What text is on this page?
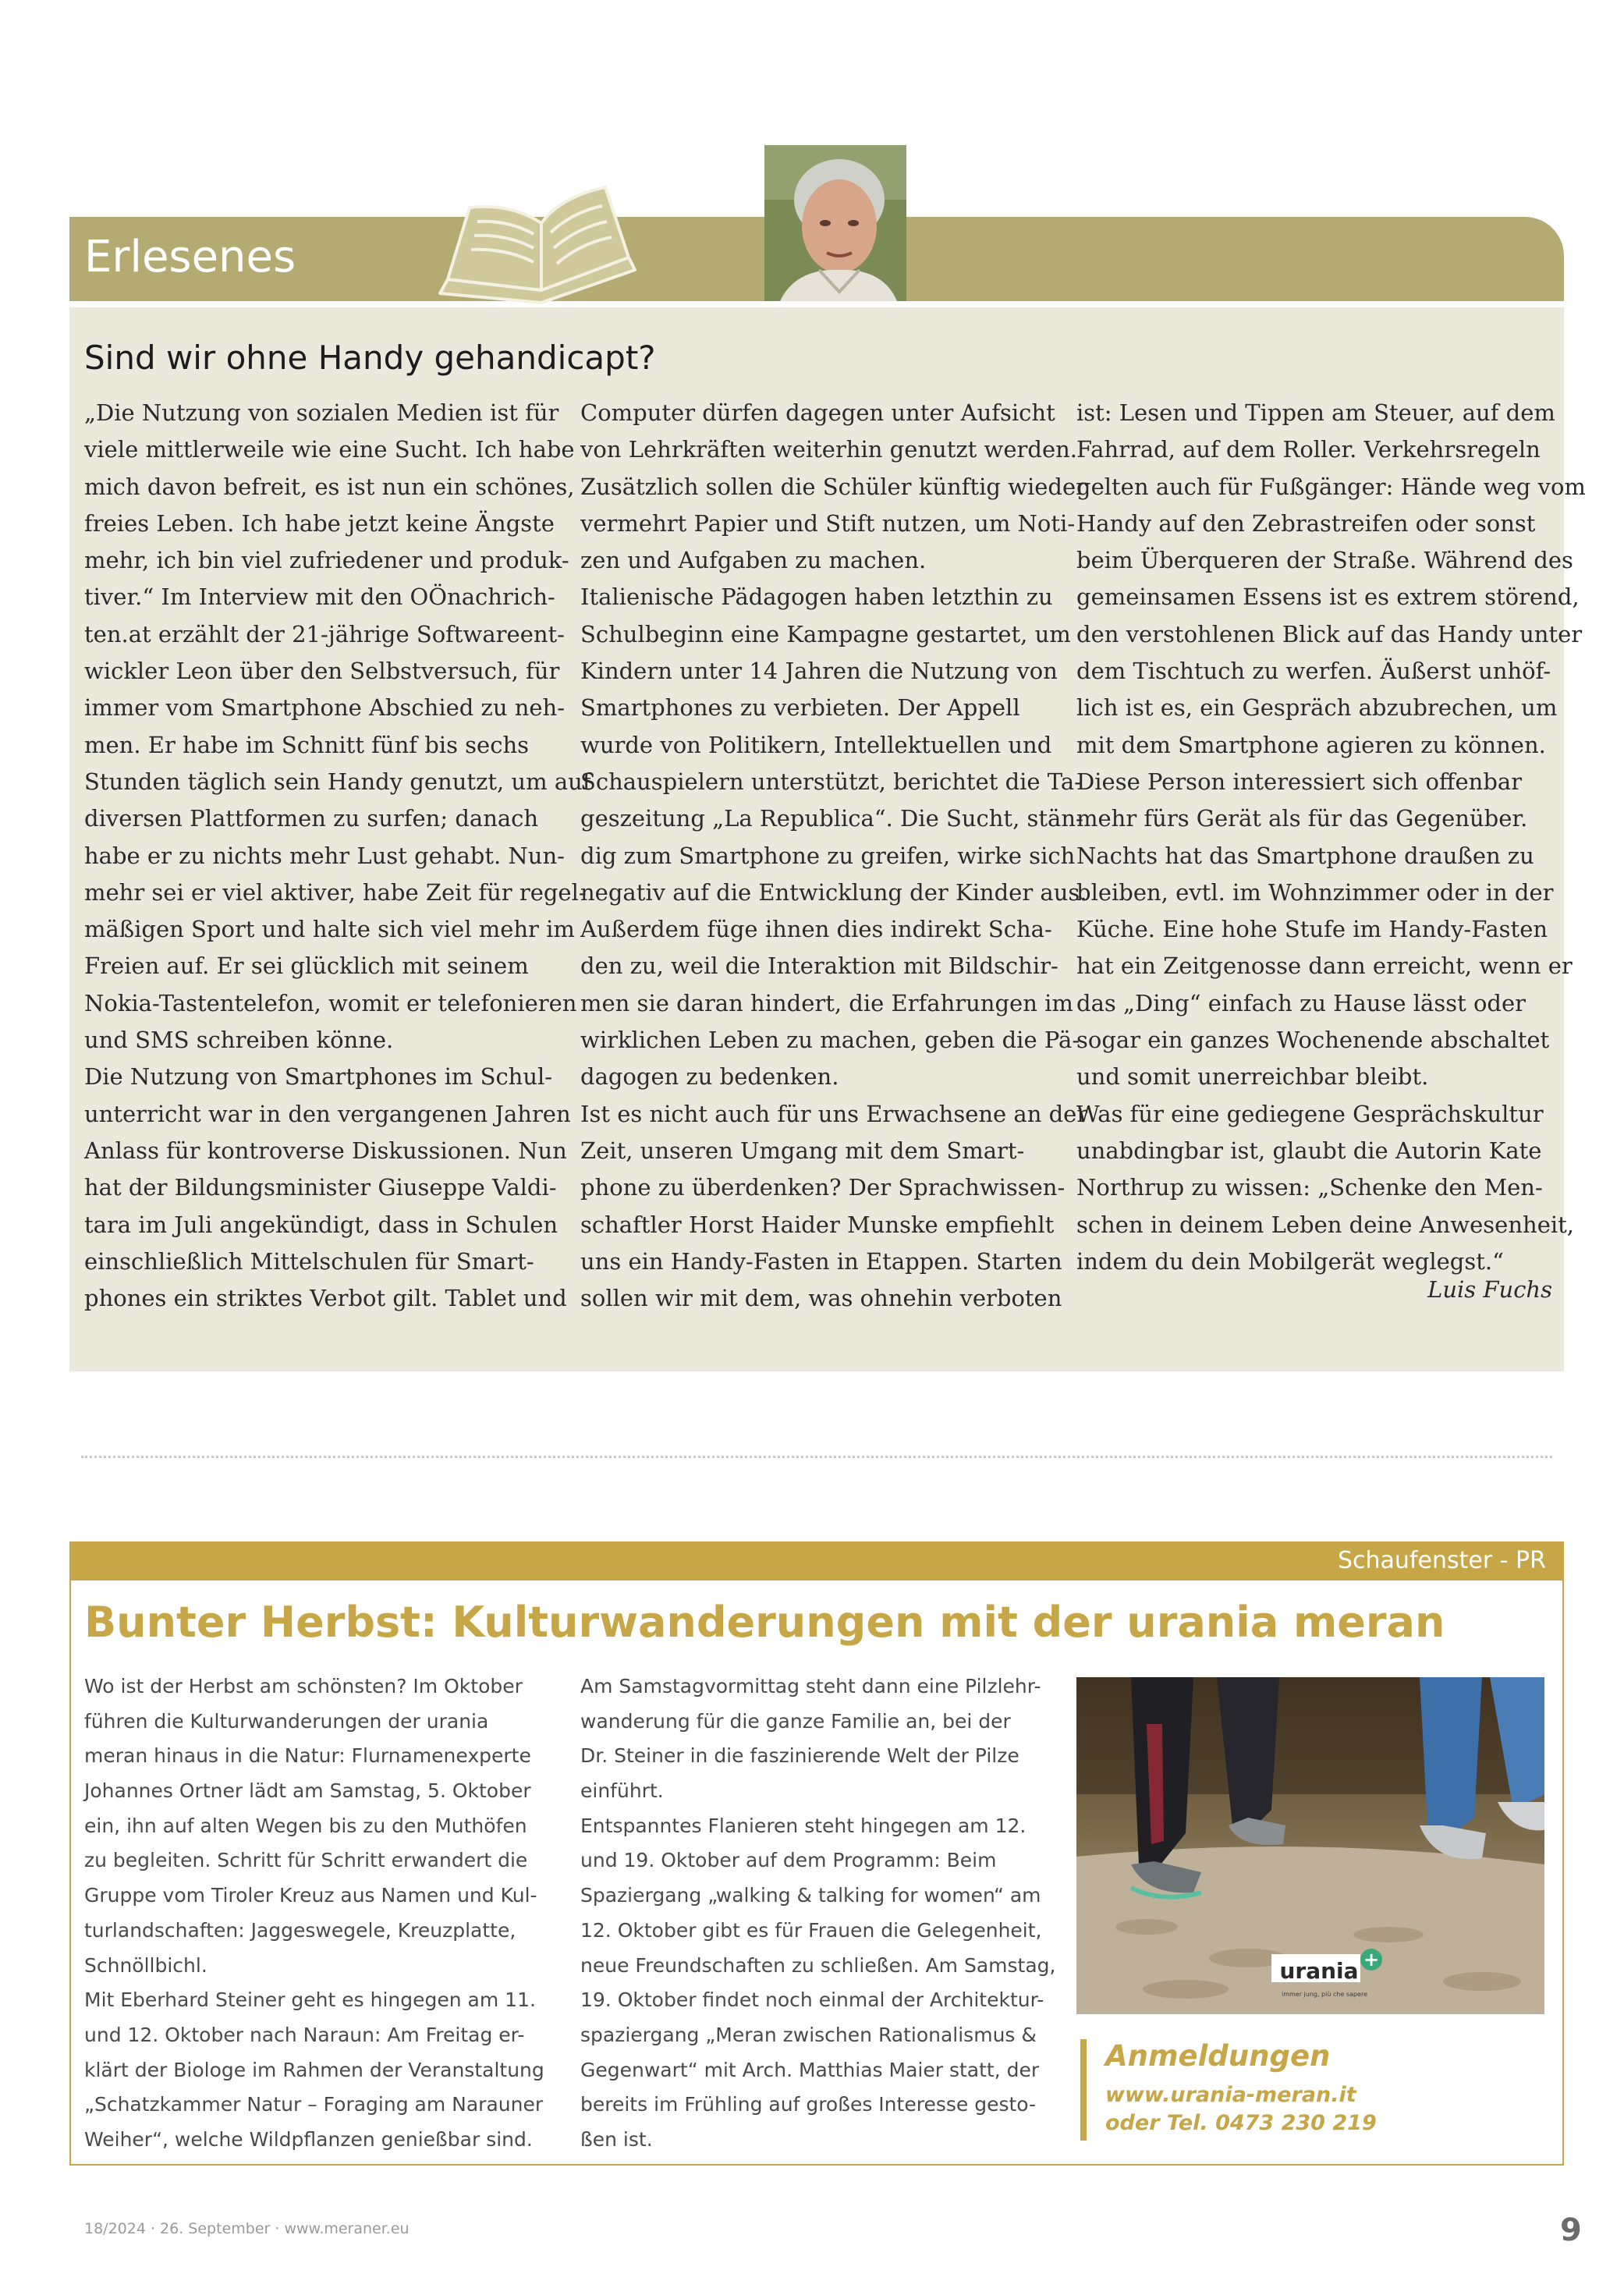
Erlesenes
Sind wir ohne Handy gehandicapt?
„Die Nutzung von sozialen Medien ist für
viele mittlerweile wie eine Sucht. Ich habe
mich davon befreit, es ist nun ein schönes,
freies Leben. Ich habe jetzt keine Ängste
mehr, ich bin viel zufriedener und produk-
tiver.“ Im Interview mit den OÖnachrich-
ten.at erzählt der 21-jährige Softwareent-
wickler Leon über den Selbstversuch, für
immer vom Smartphone Abschied zu neh-
men. Er habe im Schnitt fünf bis sechs
Stunden täglich sein Handy genutzt, um auf
diversen Plattformen zu surfen; danach
habe er zu nichts mehr Lust gehabt. Nun-
mehr sei er viel aktiver, habe Zeit für regel-
mäßigen Sport und halte sich viel mehr im
Freien auf. Er sei glücklich mit seinem
Nokia-Tastentelefon, womit er telefonieren
und SMS schreiben könne.
Die Nutzung von Smartphones im Schul-
unterricht war in den vergangenen Jahren
Anlass für kontroverse Diskussionen. Nun
hat der Bildungsminister Giuseppe Valdi-
tara im Juli angekündigt, dass in Schulen
einschließlich Mittelschulen für Smart-
phones ein striktes Verbot gilt. Tablet und
Computer dürfen dagegen unter Aufsicht
von Lehrkräften weiterhin genutzt werden.
Zusätzlich sollen die Schüler künftig wieder
vermehrt Papier und Stift nutzen, um Noti-
zen und Aufgaben zu machen.
Italienische Pädagogen haben letzthin zu
Schulbeginn eine Kampagne gestartet, um
Kindern unter 14 Jahren die Nutzung von
Smartphones zu verbieten. Der Appell
wurde von Politikern, Intellektuellen und
Schauspielern unterstützt, berichtet die Ta-
geszeitung „La Republica“. Die Sucht, stän-
dig zum Smartphone zu greifen, wirke sich
negativ auf die Entwicklung der Kinder aus.
Außerdem füge ihnen dies indirekt Scha-
den zu, weil die Interaktion mit Bildschir-
men sie daran hindert, die Erfahrungen im
wirklichen Leben zu machen, geben die Pä-
dagogen zu bedenken.
Ist es nicht auch für uns Erwachsene an der
Zeit, unseren Umgang mit dem Smart-
phone zu überdenken? Der Sprachwissen-
schaftler Horst Haider Munske empfiehlt
uns ein Handy-Fasten in Etappen. Starten
sollen wir mit dem, was ohnehin verboten
ist: Lesen und Tippen am Steuer, auf dem
Fahrrad, auf dem Roller. Verkehrsregeln
gelten auch für Fußgänger: Hände weg vom
Handy auf den Zebrastreifen oder sonst
beim Überqueren der Straße. Während des
gemeinsamen Essens ist es extrem störend,
den verstohlenen Blick auf das Handy unter
dem Tischtuch zu werfen. Äußerst unhöf-
lich ist es, ein Gespräch abzubrechen, um
mit dem Smartphone agieren zu können.
Diese Person interessiert sich offenbar
mehr fürs Gerät als für das Gegenüber.
Nachts hat das Smartphone draußen zu
bleiben, evtl. im Wohnzimmer oder in der
Küche. Eine hohe Stufe im Handy-Fasten
hat ein Zeitgenosse dann erreicht, wenn er
das „Ding“ einfach zu Hause lässt oder
sogar ein ganzes Wochenende abschaltet
und somit unerreichbar bleibt.
Was für eine gediegene Gesprächskultur
unabdingbar ist, glaubt die Autorin Kate
Northrup zu wissen: „Schenke den Men-
schen in deinem Leben deine Anwesenheit,
indem du dein Mobilgerät weglegst.“
Luis Fuchs
Schaufenster - PR
Bunter Herbst: Kulturwanderungen mit der urania meran
Wo ist der Herbst am schönsten? Im Oktober
führen die Kulturwanderungen der urania
meran hinaus in die Natur: Flurnamenexperte
Johannes Ortner lädt am Samstag, 5. Oktober
ein, ihn auf alten Wegen bis zu den Muthöfen
zu begleiten. Schritt für Schritt erwandert die
Gruppe vom Tiroler Kreuz aus Namen und Kul-
turlandschaften: Jaggeswegele, Kreuzplatte,
Schnöllbichl.
Mit Eberhard Steiner geht es hingegen am 11.
und 12. Oktober nach Naraun: Am Freitag er-
klärt der Biologe im Rahmen der Veranstaltung
„Schatzkammer Natur – Foraging am Narauner
Weiher“, welche Wildpflanzen genießbar sind.
Am Samstagvormittag steht dann eine Pilzlehr-
wanderung für die ganze Familie an, bei der
Dr. Steiner in die faszinierende Welt der Pilze
einführt.
Entspanntes Flanieren steht hingegen am 12.
und 19. Oktober auf dem Programm: Beim
Spaziergang „walking & talking for women“ am
12. Oktober gibt es für Frauen die Gelegenheit,
neue Freundschaften zu schließen. Am Samstag,
19. Oktober findet noch einmal der Architektur-
spaziergang „Meran zwischen Rationalismus &
Gegenwart“ mit Arch. Matthias Maier statt, der
bereits im Frühling auf großes Interesse gesto-
ßen ist.
urania +
immer jung, più che sapere
Anmeldungen
www.urania-meran.it
oder Tel. 0473 230 219
18/2024 · 26. September · www.meraner.eu	9
